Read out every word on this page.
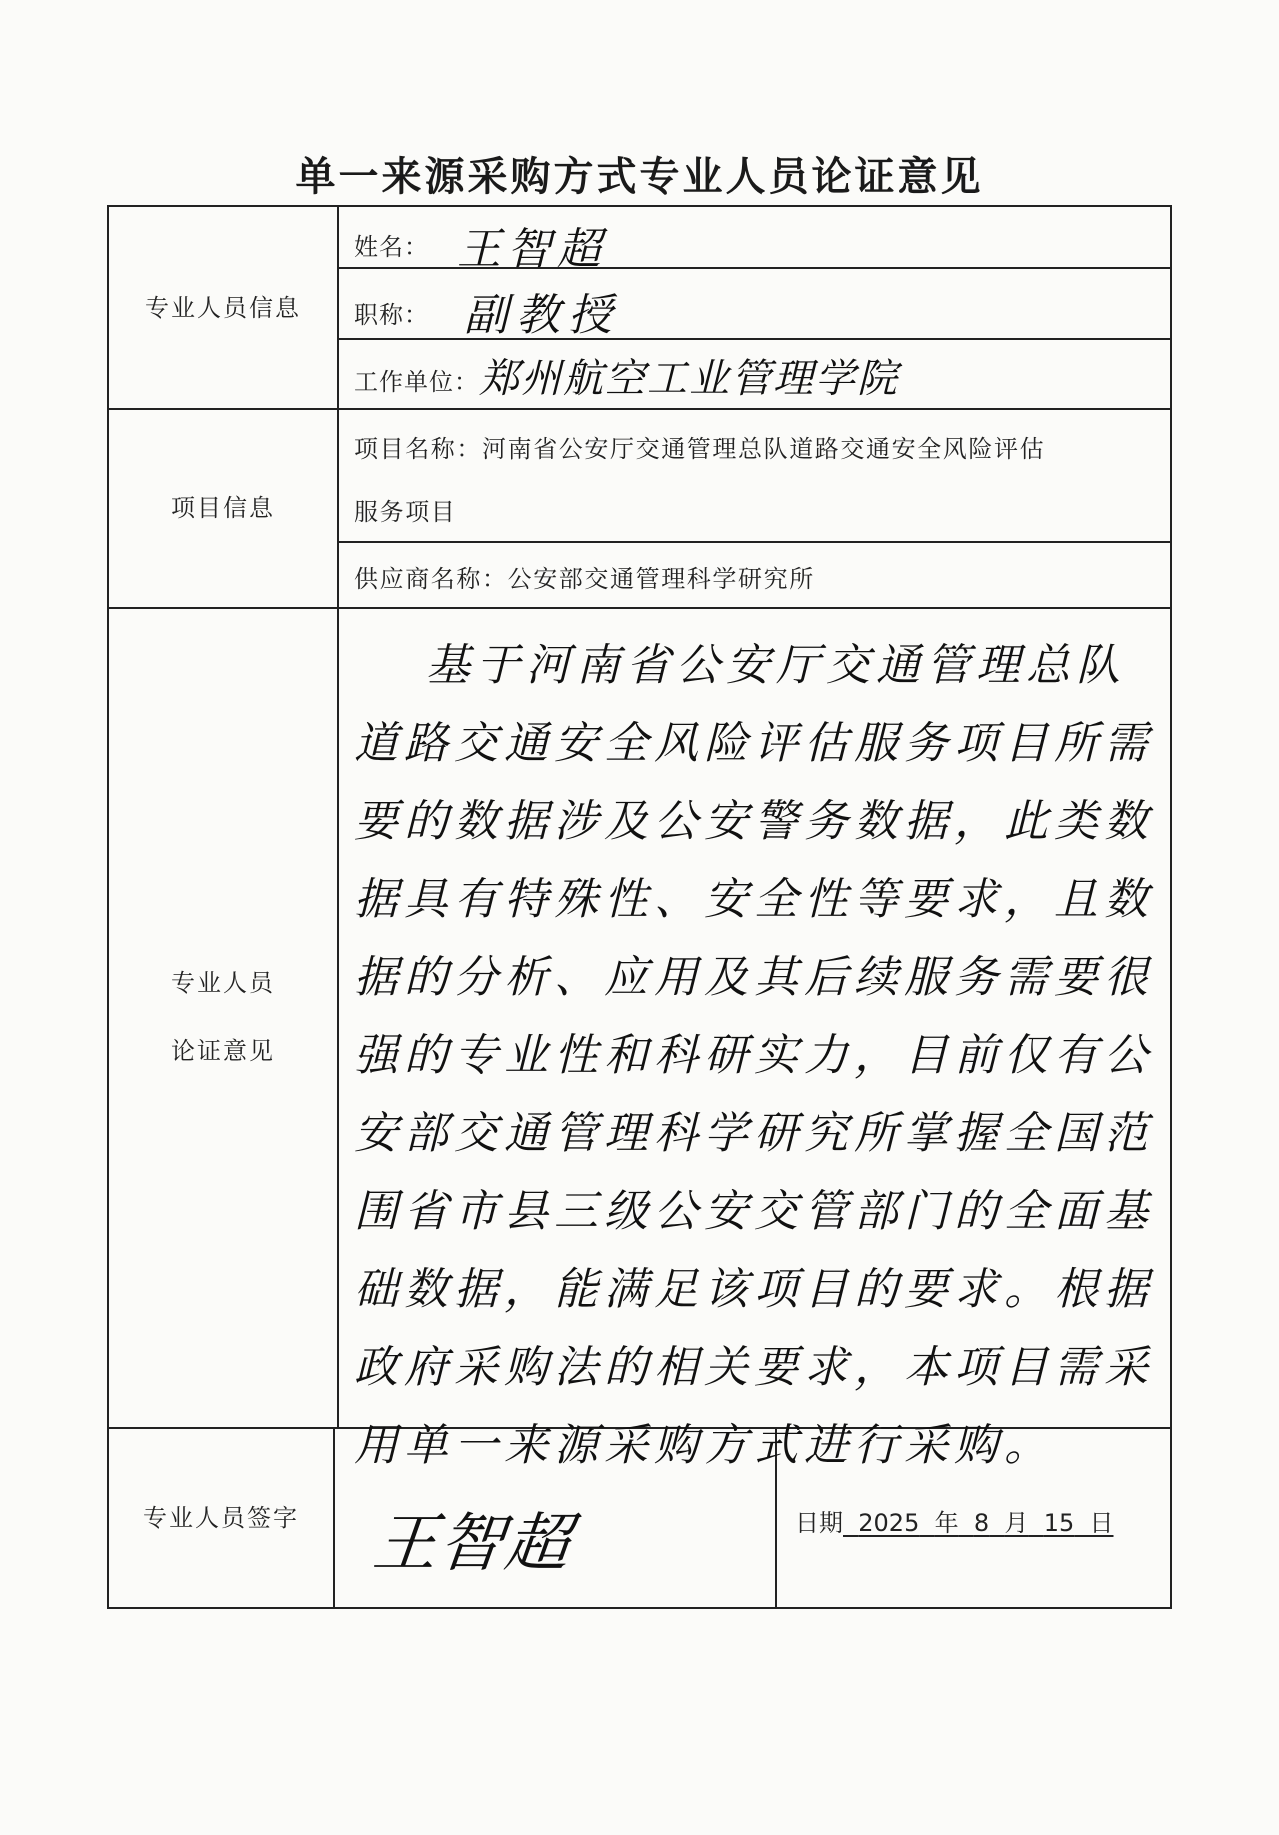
单一来源采购方式专业人员论证意见
专业人员信息
姓名： 王智超
职称： 副教授
工作单位： 郑州航空工业管理学院
项目信息
项目名称：河南省公安厅交通管理总队道路交通安全风险评估
服务项目
供应商名称：公安部交通管理科学研究所
专业人员
论证意见
基于河南省公安厅交通管理总队道路交通安全风险评估服务项目所需要的数据涉及公安警务数据，此类数据具有特殊性、安全性等要求，且数据的分析、应用及其后续服务需要很强的专业性和科研实力，目前仅有公安部交通管理科学研究所掌握全国范围省市县三级公安交管部门的全面基础数据，能满足该项目的要求。根据政府采购法的相关要求，本项目需采用单一来源采购方式进行采购。
专业人员签字	王智超	日期 2025 年 8 月 15 日
